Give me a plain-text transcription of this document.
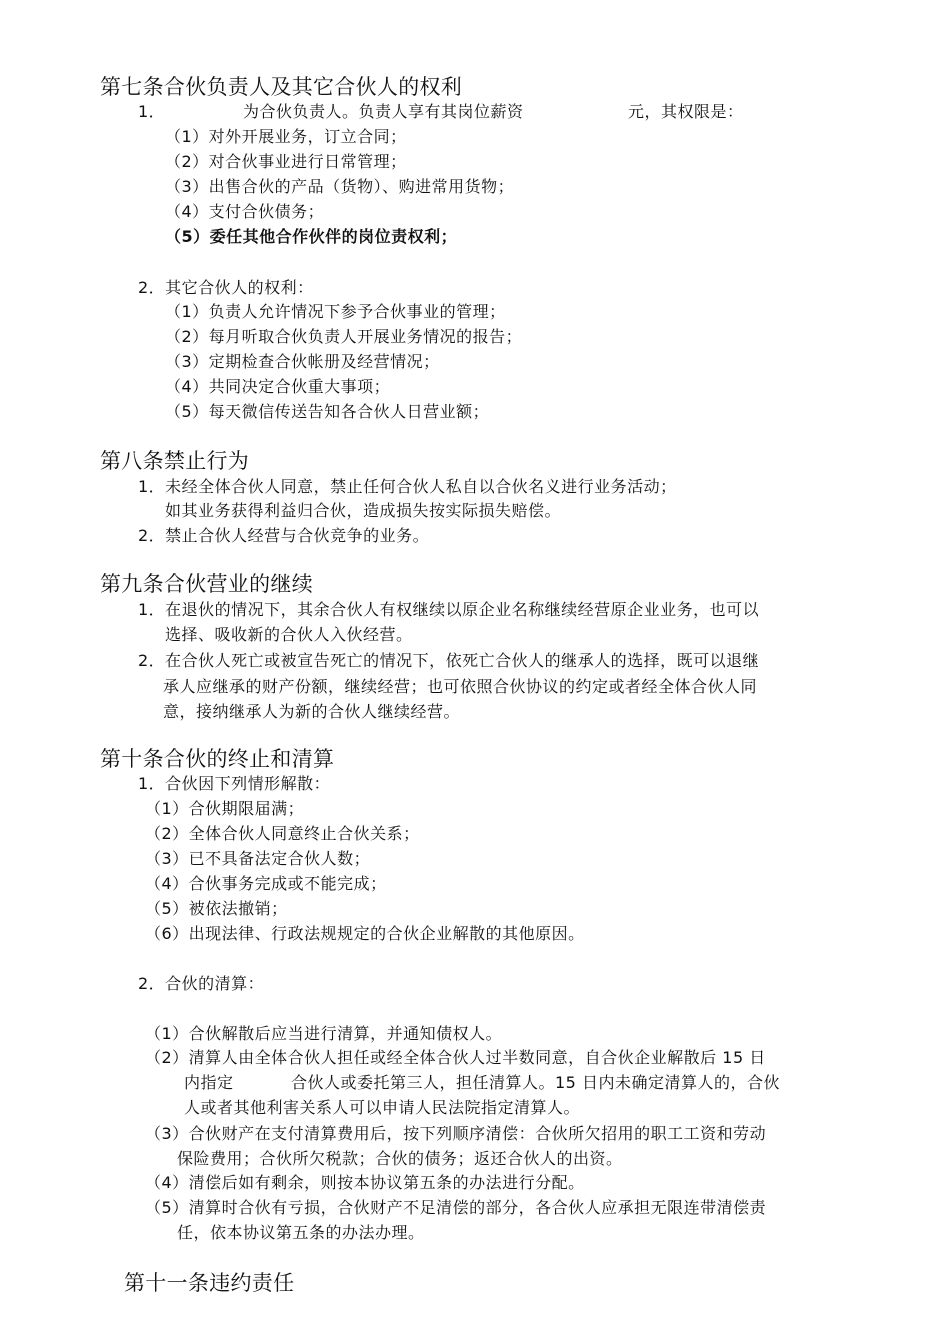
第七条合伙负责人及其它合伙人的权利
1．	为合伙负责人。负责人享有其岗位薪资	元，其权限是：
（1）对外开展业务，订立合同；
（2）对合伙事业进行日常管理；
（3）出售合伙的产品（货物）、购进常用货物；
（4）支付合伙债务；
（5）委任其他合作伙伴的岗位责权利；
2．其它合伙人的权利：
（1）负责人允许情况下参予合伙事业的管理；
（2）每月听取合伙负责人开展业务情况的报告；
（3）定期检查合伙帐册及经营情况；
（4）共同决定合伙重大事项；
（5）每天微信传送告知各合伙人日营业额；
第八条禁止行为
1．未经全体合伙人同意，禁止任何合伙人私自以合伙名义进行业务活动；
如其业务获得利益归合伙，造成损失按实际损失赔偿。
2．禁止合伙人经营与合伙竞争的业务。
第九条合伙营业的继续
1．在退伙的情况下，其余合伙人有权继续以原企业名称继续经营原企业业务，也可以
选择、吸收新的合伙人入伙经营。
2．在合伙人死亡或被宣告死亡的情况下，依死亡合伙人的继承人的选择，既可以退继
承人应继承的财产份额，继续经营；也可依照合伙协议的约定或者经全体合伙人同
意，接纳继承人为新的合伙人继续经营。
第十条合伙的终止和清算
1．合伙因下列情形解散：
（1）合伙期限届满；
（2）全体合伙人同意终止合伙关系；
（3）已不具备法定合伙人数；
（4）合伙事务完成或不能完成；
（5）被依法撤销；
（6）出现法律、行政法规规定的合伙企业解散的其他原因。
2．合伙的清算：
（1）合伙解散后应当进行清算，并通知债权人。
（2）清算人由全体合伙人担任或经全体合伙人过半数同意，自合伙企业解散后 15 日
内指定	合伙人或委托第三人，担任清算人。15 日内未确定清算人的，合伙
人或者其他利害关系人可以申请人民法院指定清算人。
（3）合伙财产在支付清算费用后，按下列顺序清偿：合伙所欠招用的职工工资和劳动
保险费用；合伙所欠税款；合伙的债务；返还合伙人的出资。
（4）清偿后如有剩余，则按本协议第五条的办法进行分配。
（5）清算时合伙有亏损，合伙财产不足清偿的部分，各合伙人应承担无限连带清偿责
任，依本协议第五条的办法办理。
第十一条违约责任
